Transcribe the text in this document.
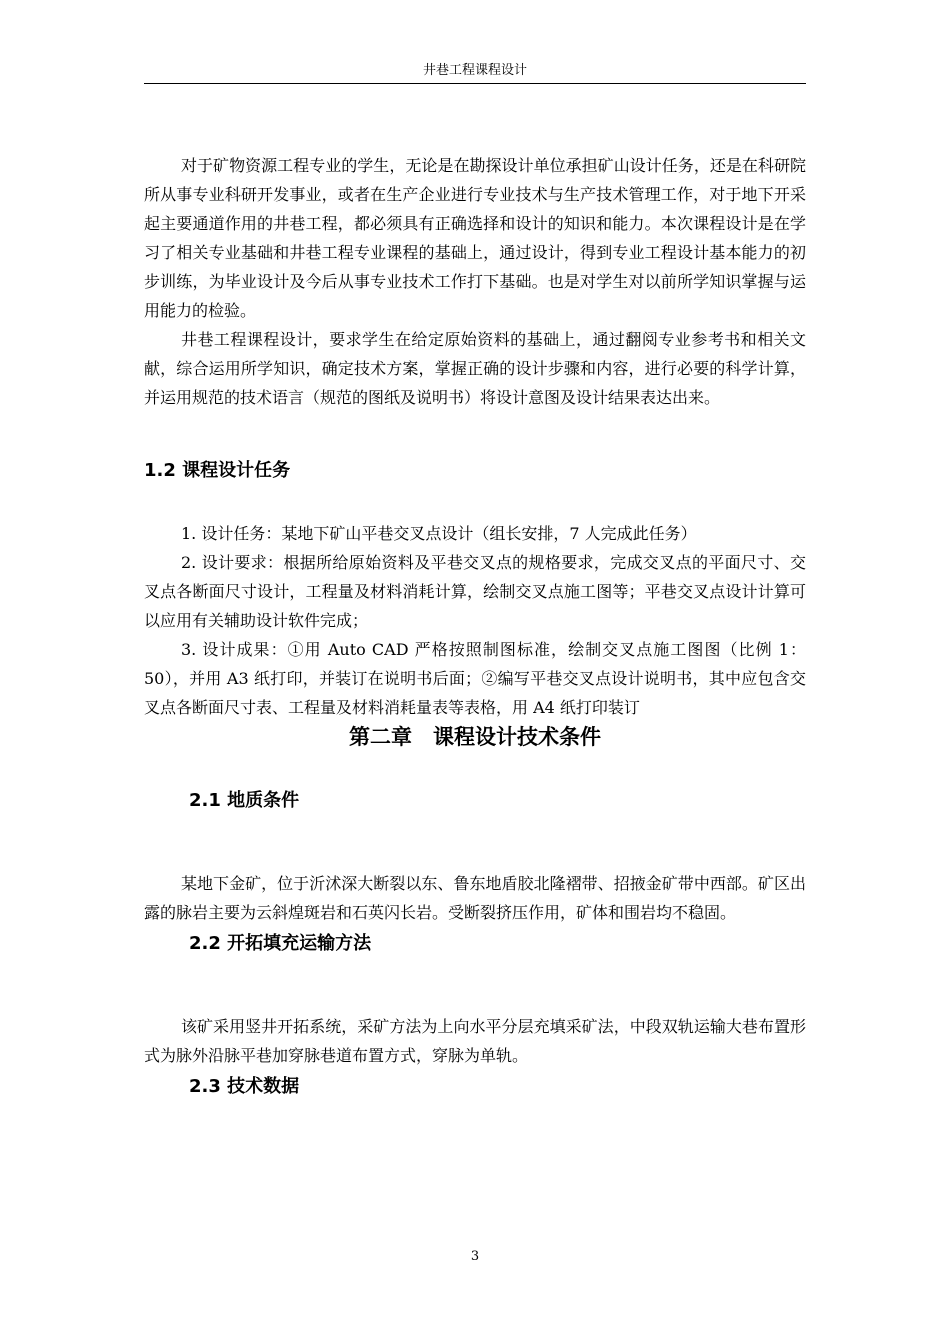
井巷工程课程设计

对于矿物资源工程专业的学生，无论是在勘探设计单位承担矿山设计任务，还是在科研院所从事专业科研开发事业，或者在生产企业进行专业技术与生产技术管理工作，对于地下开采起主要通道作用的井巷工程，都必须具有正确选择和设计的知识和能力。本次课程设计是在学习了相关专业基础和井巷工程专业课程的基础上，通过设计，得到专业工程设计基本能力的初步训练，为毕业设计及今后从事专业技术工作打下基础。也是对学生对以前所学知识掌握与运用能力的检验。

井巷工程课程设计，要求学生在给定原始资料的基础上，通过翻阅专业参考书和相关文献，综合运用所学知识，确定技术方案，掌握正确的设计步骤和内容，进行必要的科学计算，并运用规范的技术语言（规范的图纸及说明书）将设计意图及设计结果表达出来。

1.2 课程设计任务

1. 设计任务：某地下矿山平巷交叉点设计（组长安排，7 人完成此任务）

2. 设计要求：根据所给原始资料及平巷交叉点的规格要求，完成交叉点的平面尺寸、交叉点各断面尺寸设计，工程量及材料消耗计算，绘制交叉点施工图等；平巷交叉点设计计算可以应用有关辅助设计软件完成；

3. 设计成果：①用 Auto CAD 严格按照制图标准，绘制交叉点施工图图（比例 1：50），并用 A3 纸打印，并装订在说明书后面；②编写平巷交叉点设计说明书，其中应包含交叉点各断面尺寸表、工程量及材料消耗量表等表格，用 A4 纸打印装订

第二章　课程设计技术条件
2.1 地质条件

某地下金矿，位于沂沭深大断裂以东、鲁东地盾胶北隆褶带、招掖金矿带中西部。矿区出露的脉岩主要为云斜煌斑岩和石英闪长岩。受断裂挤压作用，矿体和围岩均不稳固。

2.2 开拓填充运输方法

该矿采用竖井开拓系统，采矿方法为上向水平分层充填采矿法，中段双轨运输大巷布置形式为脉外沿脉平巷加穿脉巷道布置方式，穿脉为单轨。

2.3 技术数据
3
